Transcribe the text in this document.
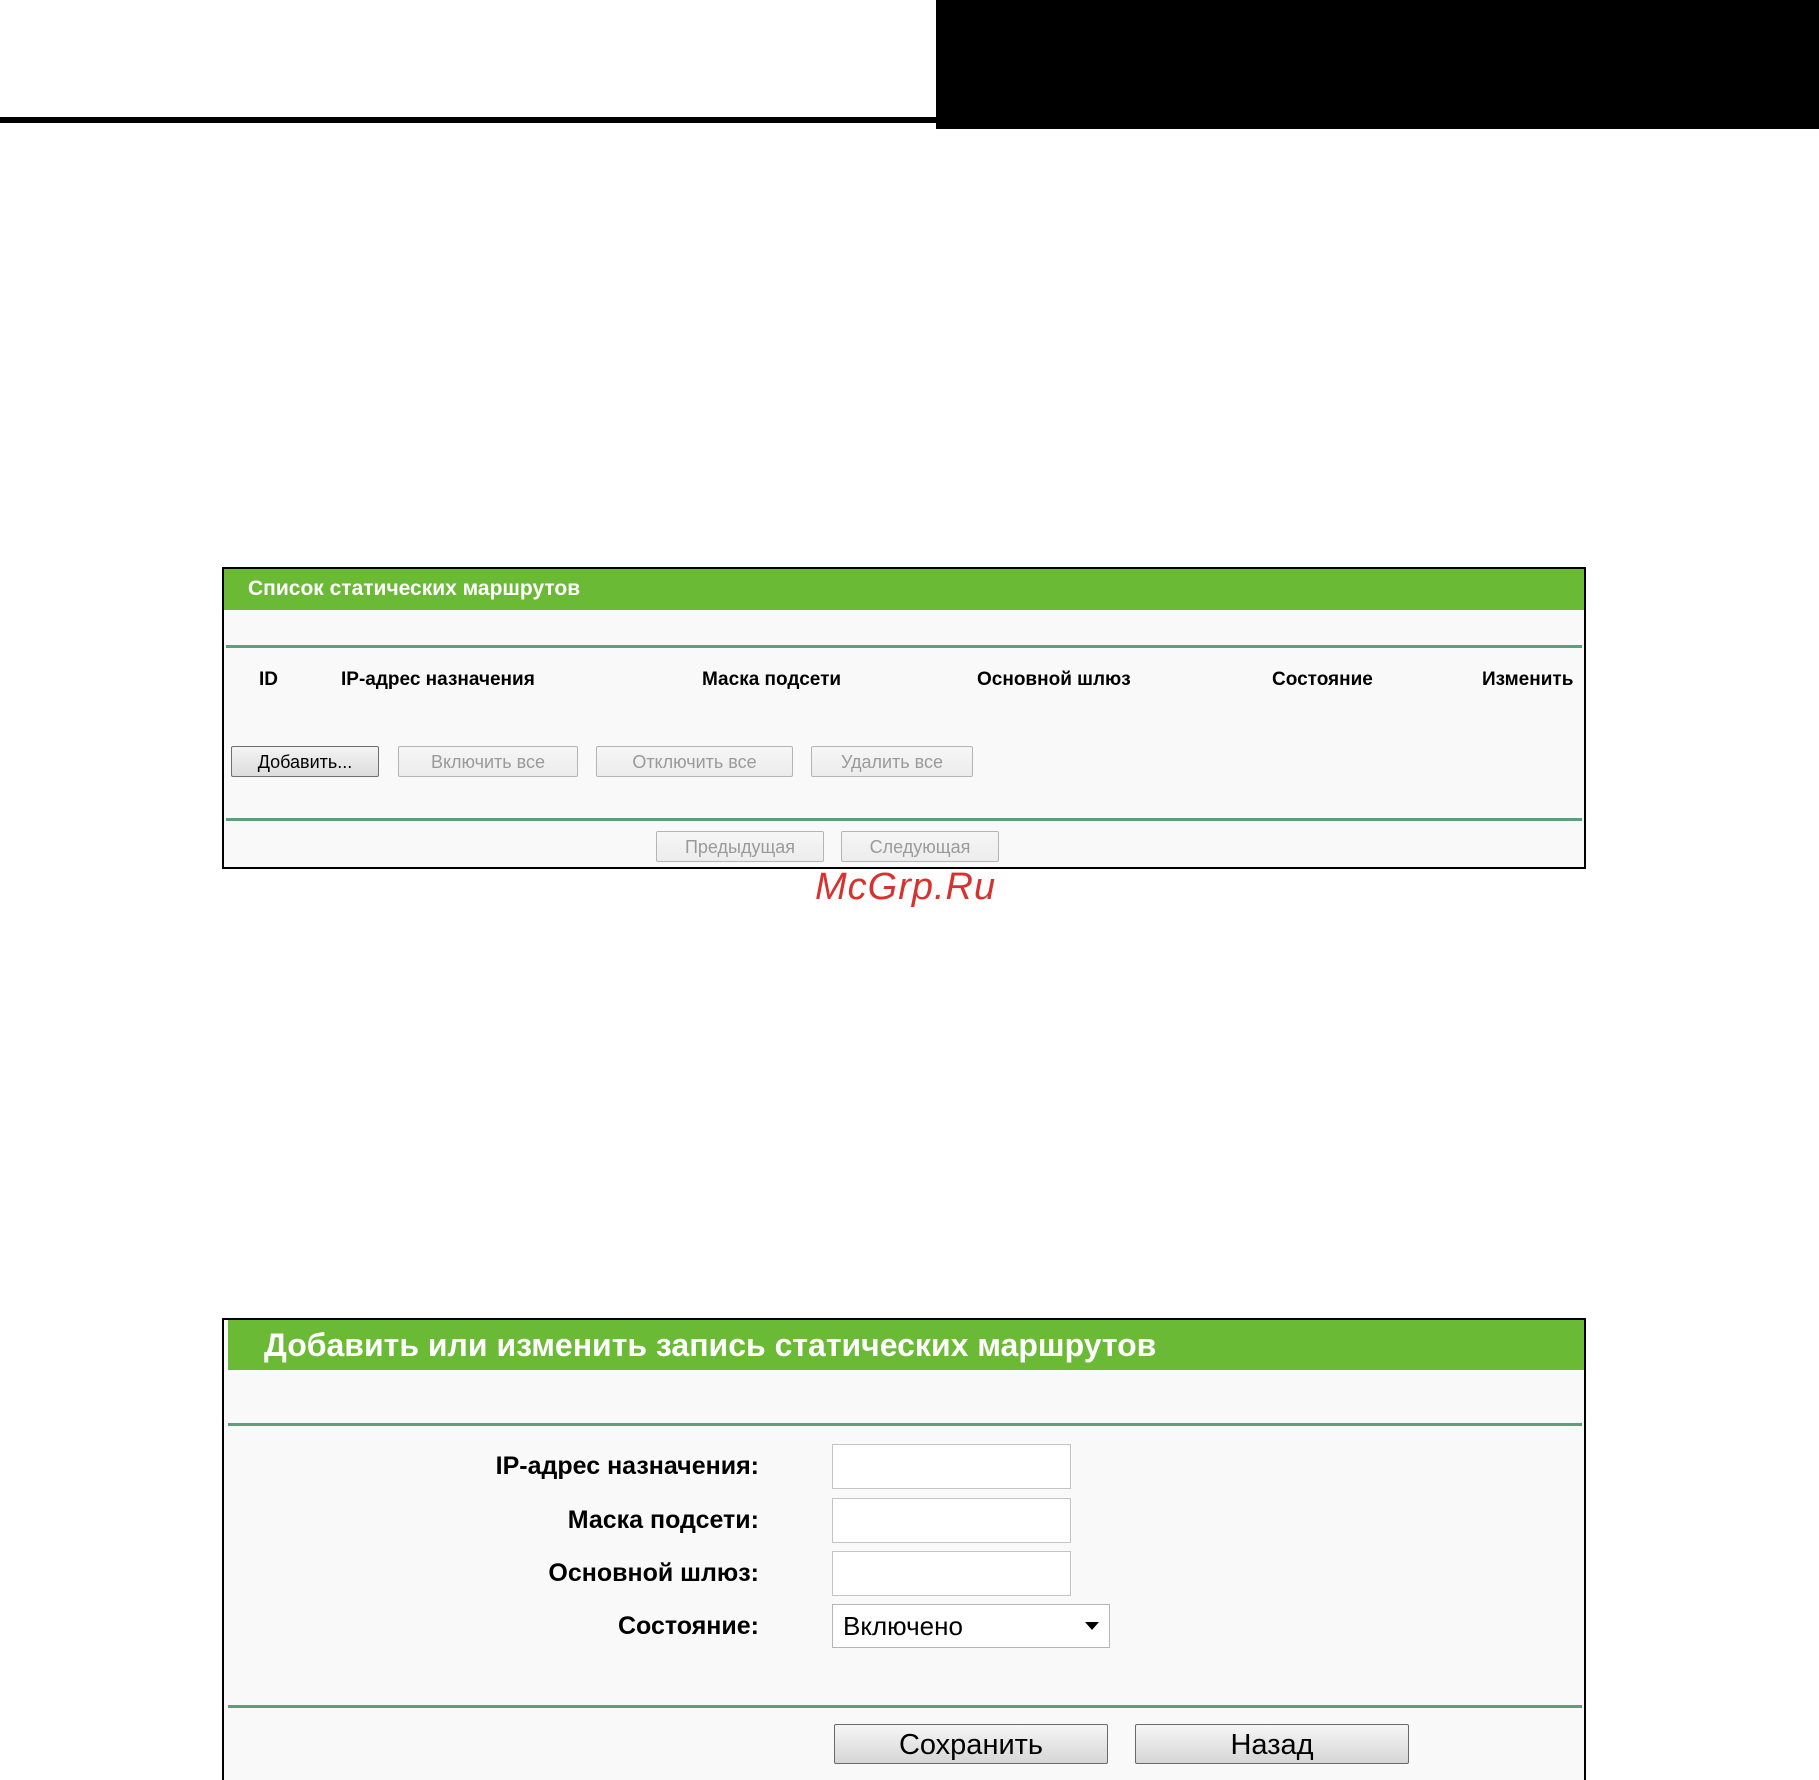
Список статических маршрутов
ID	IP-адрес назначения	Маска подсети	Основной шлюз	Состояние	Изменить
Добавить...	Включить все	Отключить все	Удалить все
Предыдущая	Следующая
McGrp.Ru
Добавить или изменить запись статических маршрутов
IP-адрес назначения:
Маска подсети:
Основной шлюз:
Состояние:	Включено
Сохранить	Назад
